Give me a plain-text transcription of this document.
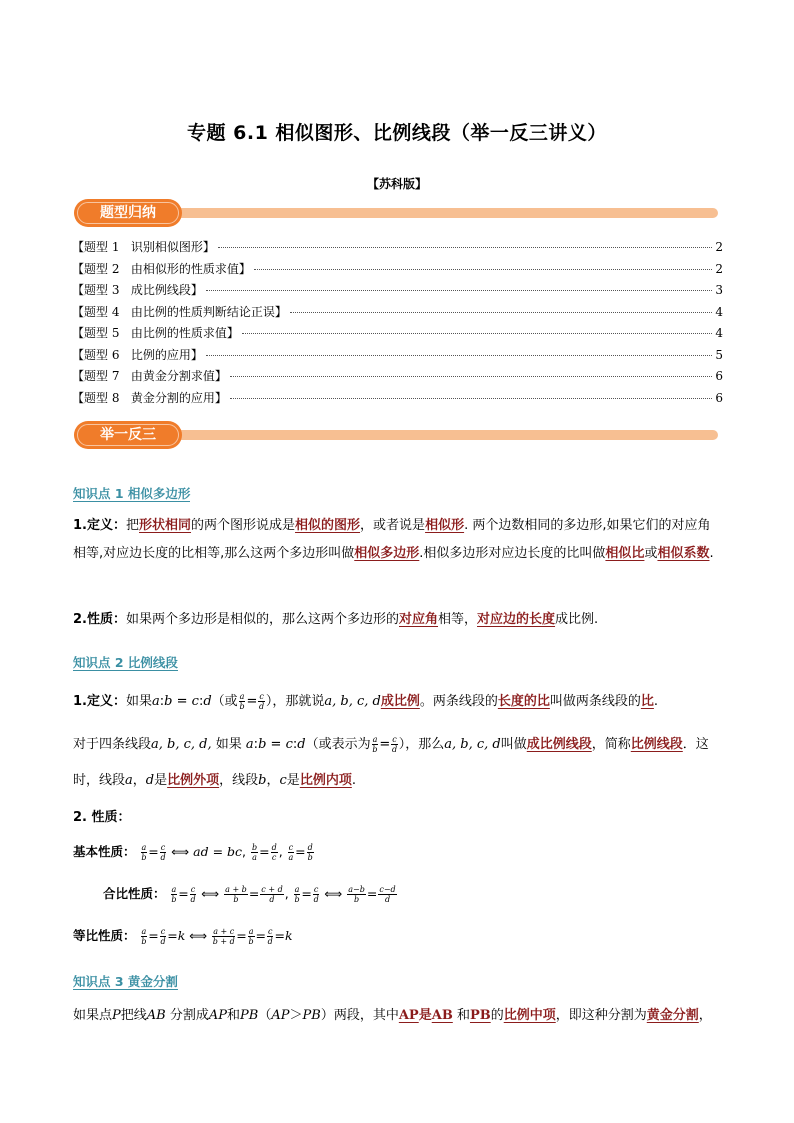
专题 6.1 相似图形、比例线段（举一反三讲义）
【苏科版】
题型归纳
【题型 1   识别相似图形】	2
【题型 2   由相似形的性质求值】	2
【题型 3   成比例线段】	3
【题型 4   由比例的性质判断结论正误】	4
【题型 5   由比例的性质求值】	4
【题型 6   比例的应用】	5
【题型 7   由黄金分割求值】	6
【题型 8   黄金分割的应用】	6
举一反三
知识点 1 相似多边形
1.定义：把形状相同的两个图形说成是相似的图形，或者说是相似形. 两个边数相同的多边形,如果它们的对应角相等,对应边长度的比相等,那么这两个多边形叫做相似多边形.相似多边形对应边长度的比叫做相似比或相似系数.
2.性质：如果两个多边形是相似的，那么这两个多边形的对应角相等，对应边的长度成比例.
知识点 2 比例线段
1.定义：如果a:b = c:d（或 $\frac{a}{b} = \frac{c}{d}$ ），那就说a, b, c, d成比例。两条线段的长度的比叫做两条线段的比.
对于四条线段a, b, c, d, 如果 a:b = c:d（或表示为 $\frac{a}{b} = \frac{c}{d}$ ），那么a, b, c, d叫做成比例线段，简称比例线段．这
时，线段a，d是比例外项，线段b，c是比例内项.
2. 性质：
基本性质： $\frac{a}{b} = \frac{c}{d}$ ⟺ ad = bc, $\frac{b}{a} = \frac{d}{c}$ , $\frac{c}{a} = \frac{d}{b}$
合比性质： $\frac{a}{b} = \frac{c}{d}$ ⟺ $\frac{a + b}{b} = \frac{c + d}{d}$ , $\frac{a}{b} = \frac{c}{d}$ ⟺ $\frac{a-b}{b} = \frac{c-d}{d}$
等比性质： $\frac{a}{b} = \frac{c}{d} =k$ ⟺ $\frac{a + c}{b + d} = \frac{a}{b} = \frac{c}{d} =k$
知识点 3 黄金分割
如果点P把线AB 分割成AP和PB（AP＞PB）两段，其中AP是AB 和PB的比例中项，即这种分割为黄金分割，
